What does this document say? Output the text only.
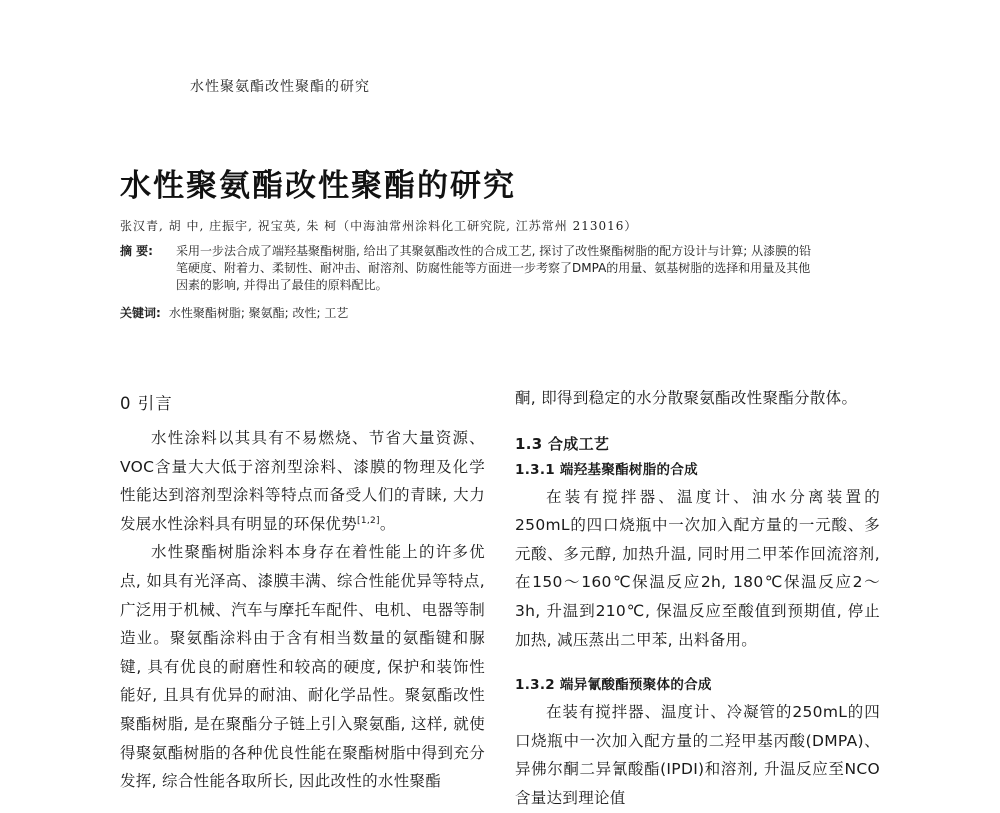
水性聚氨酯改性聚酯的研究
水性聚氨酯改性聚酯的研究
张汉青, 胡 中, 庄振宇, 祝宝英, 朱 柯（中海油常州涂料化工研究院, 江苏常州 213016）
摘 要: 采用一步法合成了端羟基聚酯树脂, 给出了其聚氨酯改性的合成工艺, 探讨了改性聚酯树脂的配方设计与计算; 从漆膜的铅笔硬度、附着力、柔韧性、耐冲击、耐溶剂、防腐性能等方面进一步考察了DMPA的用量、氨基树脂的选择和用量及其他因素的影响, 并得出了最佳的原料配比。
关键词: 水性聚酯树脂; 聚氨酯; 改性; 工艺
0 引言

水性涂料以其具有不易燃烧、节省大量资源、VOC含量大大低于溶剂型涂料、漆膜的物理及化学性能达到溶剂型涂料等特点而备受人们的青睐, 大力发展水性涂料具有明显的环保优势[1,2]。

水性聚酯树脂涂料本身存在着性能上的许多优点, 如具有光泽高、漆膜丰满、综合性能优异等特点, 广泛用于机械、汽车与摩托车配件、电机、电器等制造业。聚氨酯涂料由于含有相当数量的氨酯键和脲键, 具有优良的耐磨性和较高的硬度, 保护和装饰性能好, 且具有优异的耐油、耐化学品性。聚氨酯改性聚酯树脂, 是在聚酯分子链上引入聚氨酯, 这样, 就使得聚氨酯树脂的各种优良性能在聚酯树脂中得到充分发挥, 综合性能各取所长, 因此改性的水性聚酯

酮, 即得到稳定的水分散聚氨酯改性聚酯分散体。

1.3 合成工艺
1.3.1 端羟基聚酯树脂的合成

在装有搅拌器、温度计、油水分离装置的250mL的四口烧瓶中一次加入配方量的一元酸、多元酸、多元醇, 加热升温, 同时用二甲苯作回流溶剂, 在150～160℃保温反应2h, 180℃保温反应2～3h, 升温到210℃, 保温反应至酸值到预期值, 停止加热, 减压蒸出二甲苯, 出料备用。

1.3.2 端异氰酸酯预聚体的合成

在装有搅拌器、温度计、冷凝管的250mL的四口烧瓶中一次加入配方量的二羟甲基丙酸(DMPA)、异佛尔酮二异氰酸酯(IPDI)和溶剂, 升温反应至NCO含量达到理论值
